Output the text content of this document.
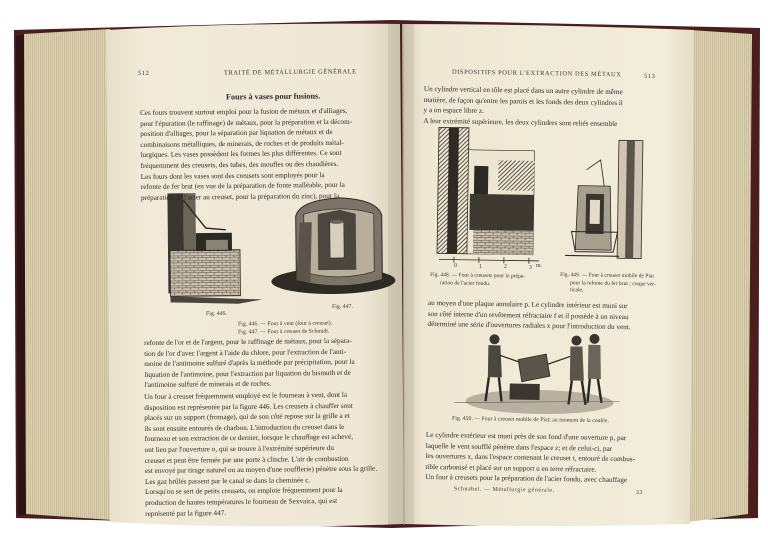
512	TRAITÉ DE MÉTALLURGIE GÉNÉRALE
Fours à vases pour fusions.
Ces fours trouvent surtout emploi pour la fusion de métaux et d'alliages,
pour l'épuration (le raffinage) de métaux, pour la préparation et la décom-
position d'alliages, pour la séparation par liquation de métaux et de
combinaisons métalliques, de minerais, de roches et de produits métal-
lurgiques. Les vases possèdent les formes les plus différentes. Ce sont
fréquemment des creusets, des tubes, des moufles ou des chaudières.
Les fours dont les vases sont des creusets sont employés pour la
refonte de fer brut (en vue de la préparation de fonte malléable, pour la
préparation de l'acier au creuset, pour la préparation du zinc), pour la
Fig. 446.
Fig. 447.
Fig. 446. — Four à vent (four à creuset).
Fig. 447. — Four à creuset de Schmidt.
refonte de l'or et de l'argent, pour le raffinage de métaux, pour la sépara-
tion de l'or d'avec l'argent à l'aide du chlore, pour l'extraction de l'anti-
moine de l'antimoine sulfuré d'après la méthode par précipitation, pour la
liquation de l'antimoine, pour l'extraction par liquation du bismuth et de
l'antimoine sulfuré de minerais et de roches.
Un four à creuset fréquemment employé est le fourneau à vent, dont la
disposition est représentée par la figure 446. Les creusets à chauffer sont
placés sur un support (fromage), qui de son côté repose sur la grille a et
ils sont ensuite entourés de charbon. L'introduction du creuset dans le
fourneau et son extraction de ce dernier, lorsque le chauffage est achevé,
ont lieu par l'ouverture o, qui se trouve à l'extrémité supérieure du
creuset et peut être fermée par une porte à clinche. L'air de combustion
est envoyé par tirage naturel ou au moyen d'une soufflerie) pénètre sous la grille.
Les gaz brûlés passent par le canal se dans la cheminée c.
Lorsqu'on se sert de petits creusets, on emploie fréquemment pour la
production de hautes températures le fourneau de Sexvaica, qui est
représenté par la figure 447.
DISPOSITIFS POUR L'EXTRACTION DES MÉTAUX	513
Un cylindre vertical en tôle est placé dans un autre cylindre de même
matière, de façon qu'entre les parois et les fonds des deux cylindres il
y a un espace libre z.
A leur extrémité supérieure, les deux cylindres sont reliés ensemble
m.
0	1	2	3
Fig. 448. — Four à creusets pour la prépa-
ration de l'acier fondu.
Fig. 449. — Four à creuset mobile de Piat
pour la refonte du fer brut ; coupe ver-
ticale.
au moyen d'une plaque annulaire p. Le cylindre intérieur est muni sur
son côté interne d'un revêtement réfractaire f et il possède à un niveau
déterminé une série d'ouvertures radiales x pour l'introduction du vent.
Fig. 450. — Four à creuset mobile de Piat; au moment de la coulée.
Le cylindre extérieur est muni près de son fond d'une ouverture p, par
laquelle le vent soufflé pénètre dans l'espace z; et de celui-ci, par
les ouvertures x, dans l'espace contenant le creuset t, entouré de combus-
tible carbonisé et placé sur un support u en terre réfractaire.
Un four à creusets pour la préparation de l'acier fondu, avec chauffage
Schnabel. — Métallurgie générale.	33
